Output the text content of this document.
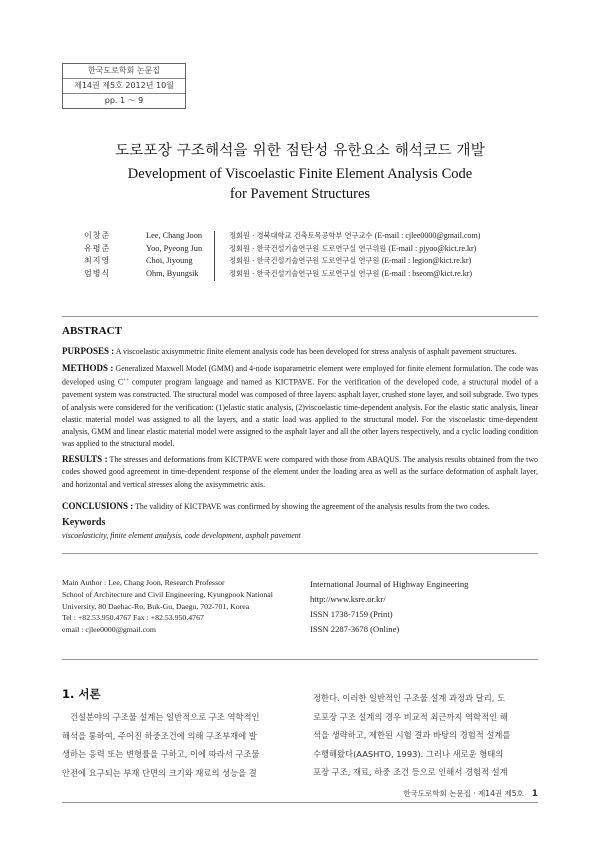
한국도로학회 논문집
제14권 제5호 2012년 10월
pp. 1 ～ 9
도로포장 구조해석을 위한 점탄성 유한요소 해석코드 개발
Development of Viscoelastic Finite Element Analysis Code
for Pavement Structures
이창준	Lee, Chang Joon	정회원 · 경북대학교 건축토목공학부 연구교수 (E-mail : cjlee0000@gmail.com)
유평준	Yoo, Pyeong Jun	정회원 · 한국건설기술연구원 도로연구실 연구위원 (E-mail : pjyoo@kict.re.kr)
최지영	Choi, Jiyoung	정회원 · 한국건설기술연구원 도로연구실 연구원 (E-mail : legion@kict.re.kr)
엄병식	Ohm, Byungsik	정회원 · 한국건설기술연구원 도로연구실 연구원 (E-mail : bseom@kict.re.kr)
ABSTRACT
PURPOSES : A viscoelastic axisymmetric finite element analysis code has been developed for stress analysis of asphalt pavement structures.
METHODS : Generalized Maxwell Model (GMM) and 4-node isoparametric element were employed for finite element formulation. The code was developed using C++ computer program language and named as KICTPAVE. For the verification of the developed code, a structural model of a pavement system was constructed. The structural model was composed of three layers: asphalt layer, crushed stone layer, and soil subgrade. Two types of analysis were considered for the verification: (1)elastic static analysis, (2)viscoelastic time-dependent analysis. For the elastic static analysis, linear elastic material model was assigned to all the layers, and a static load was applied to the structural model. For the viscoelastic time-dependent analysis, GMM and linear elastic material model were assigned to the asphalt layer and all the other layers respectively, and a cyclic loading condition was applied to the structural model.
RESULTS : The stresses and deformations from KICTPAVE were compared with those from ABAQUS. The analysis results obtained from the two codes showed good agreement in time-dependent response of the element under the loading area as well as the surface deformation of asphalt layer, and horizontal and vertical stresses along the axisymmetric axis.
CONCLUSIONS : The validity of KICTPAVE was confirmed by showing the agreement of the analysis results from the two codes.
Keywords
viscoelasticity, finite element analysis, code development, asphalt pavement
Main Author : Lee, Chang Joon, Research Professor
School of Architecture and Civil Engineering, Kyungpook National
University, 80 Daehac-Ro, Buk-Gu, Daegu, 702-701, Korea
Tel : +82.53.950.4767 Fax : +82.53.950.4767
email : cjlee0000@gmail.com
International Journal of Highway Engineering
http://www.ksre.or.kr/
ISSN 1738-7159 (Print)
ISSN 2287-3678 (Online)
1. 서론
건설분야의 구조물 설계는 일반적으로 구조 역학적인
해석을 통하여, 주어진 하중조건에 의해 구조부재에 발
생하는 응력 또는 변형률을 구하고, 이에 따라서 구조물
안전에 요구되는 부재 단면의 크기와 재료의 성능을 결
정한다. 이러한 일반적인 구조물 설계 과정과 달리, 도
로포장 구조 설계의 경우 비교적 최근까지 역학적인 해
석을 생략하고, 제한된 시험 결과 바탕의 경험적 설계를
수행해왔다(AASHTO, 1993). 그러나 새로운 형태의
포장 구조, 재료, 하중 조건 등으로 인해서 경험적 설계
한국도로학회 논문집 · 제14권 제5호 1
